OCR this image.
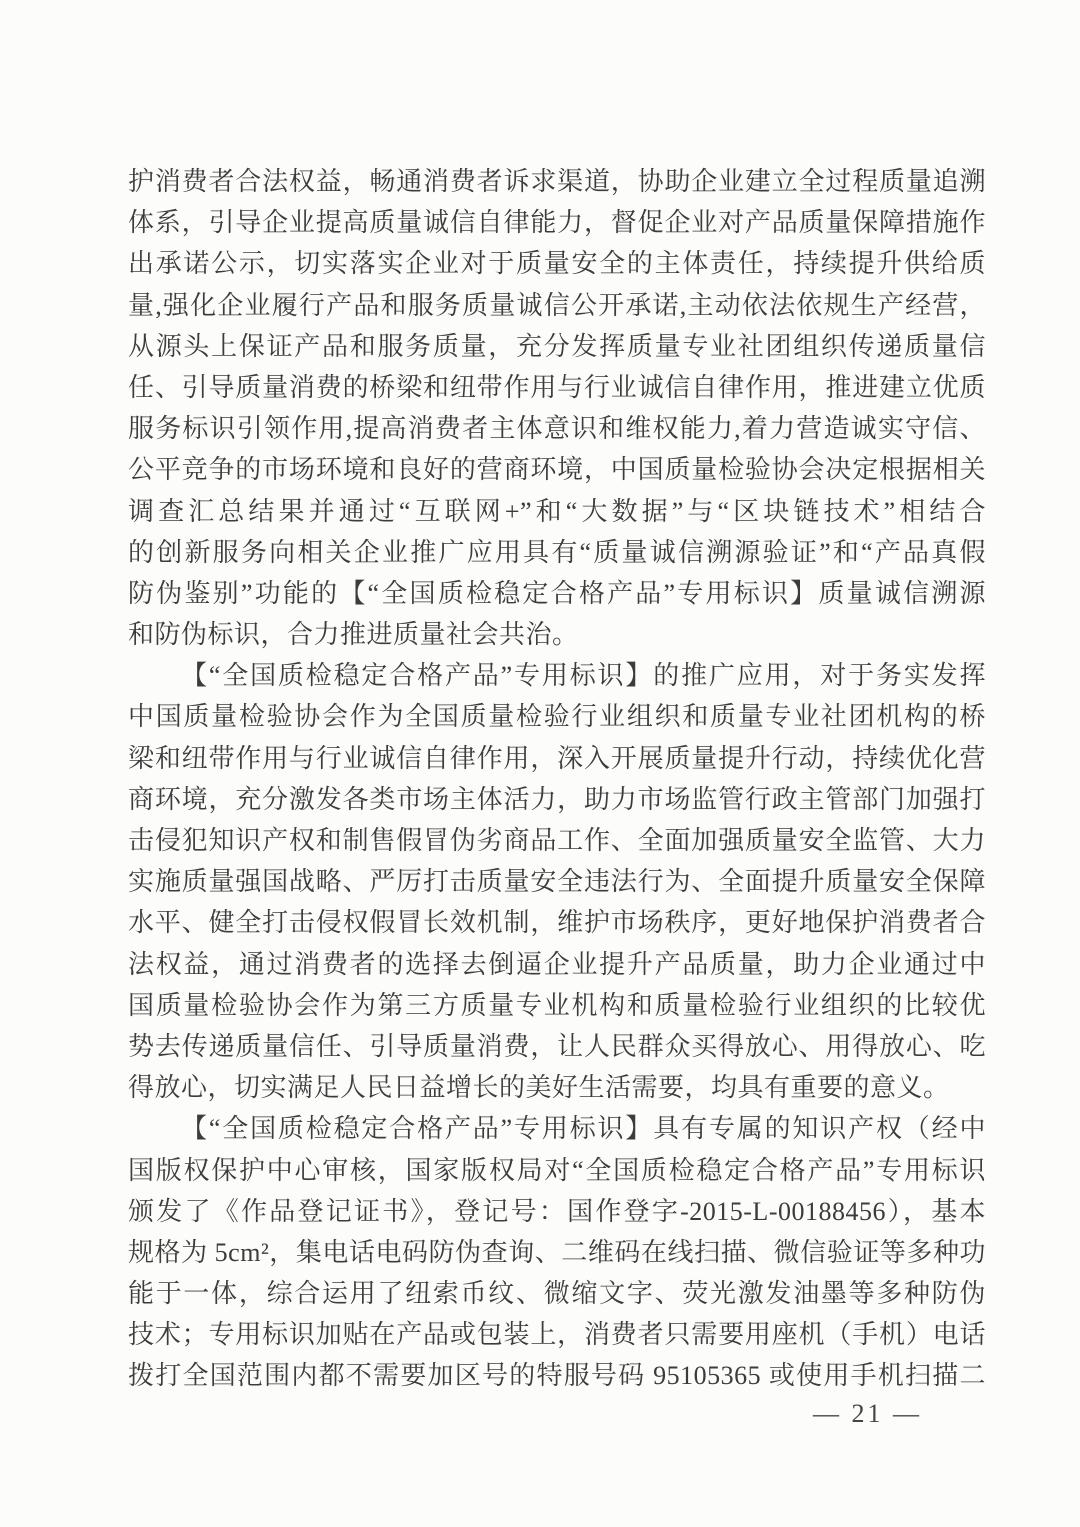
护消费者合法权益，畅通消费者诉求渠道，协助企业建立全过程质量追溯
体系，引导企业提高质量诚信自律能力，督促企业对产品质量保障措施作
出承诺公示，切实落实企业对于质量安全的主体责任，持续提升供给质
量,强化企业履行产品和服务质量诚信公开承诺,主动依法依规生产经营，
从源头上保证产品和服务质量，充分发挥质量专业社团组织传递质量信
任、引导质量消费的桥梁和纽带作用与行业诚信自律作用，推进建立优质
服务标识引领作用,提高消费者主体意识和维权能力,着力营造诚实守信、
公平竞争的市场环境和良好的营商环境，中国质量检验协会决定根据相关
调查汇总结果并通过“互联网+”和“大数据”与“区块链技术”相结合
的创新服务向相关企业推广应用具有“质量诚信溯源验证”和“产品真假
防伪鉴别”功能的【“全国质检稳定合格产品”专用标识】质量诚信溯源
和防伪标识，合力推进质量社会共治。
【“全国质检稳定合格产品”专用标识】的推广应用，对于务实发挥
中国质量检验协会作为全国质量检验行业组织和质量专业社团机构的桥
梁和纽带作用与行业诚信自律作用，深入开展质量提升行动，持续优化营
商环境，充分激发各类市场主体活力，助力市场监管行政主管部门加强打
击侵犯知识产权和制售假冒伪劣商品工作、全面加强质量安全监管、大力
实施质量强国战略、严厉打击质量安全违法行为、全面提升质量安全保障
水平、健全打击侵权假冒长效机制，维护市场秩序，更好地保护消费者合
法权益，通过消费者的选择去倒逼企业提升产品质量，助力企业通过中
国质量检验协会作为第三方质量专业机构和质量检验行业组织的比较优
势去传递质量信任、引导质量消费，让人民群众买得放心、用得放心、吃
得放心，切实满足人民日益增长的美好生活需要，均具有重要的意义。
【“全国质检稳定合格产品”专用标识】具有专属的知识产权（经中
国版权保护中心审核，国家版权局对“全国质检稳定合格产品”专用标识
颁发了《作品登记证书》，登记号：国作登字-2015-L-00188456），基本
规格为 5cm²，集电话电码防伪查询、二维码在线扫描、微信验证等多种功
能于一体，综合运用了纽索币纹、微缩文字、荧光激发油墨等多种防伪
技术；专用标识加贴在产品或包装上，消费者只需要用座机（手机）电话
拨打全国范围内都不需要加区号的特服号码 95105365 或使用手机扫描二
— 21 —
